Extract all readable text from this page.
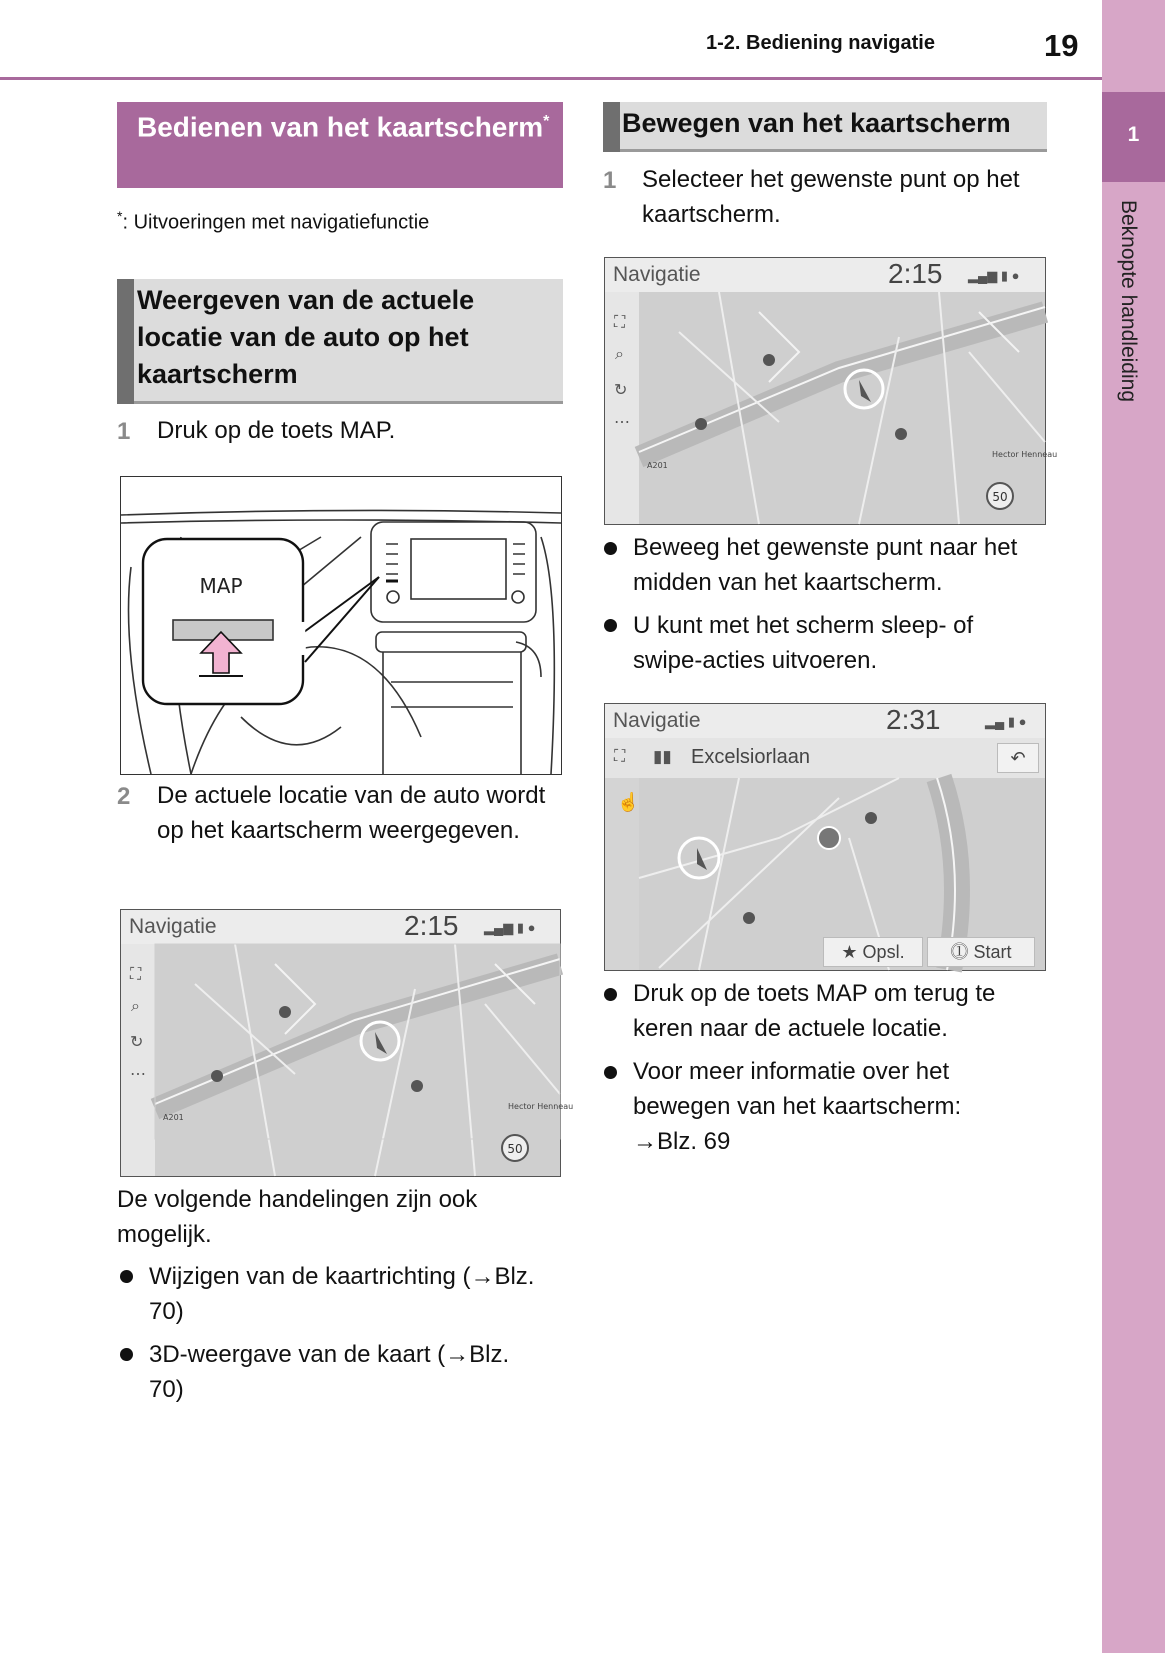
1
Beknopte handleiding
1-2. Bediening navigatie	19
Bedienen van het kaartscherm*
*: Uitvoeringen met navigatiefunctie
Weergeven van de actuele locatie van de auto op het kaartscherm
1 Druk op de toets MAP.
MAP
2 De actuele locatie van de auto wordt op het kaartscherm weergegeven.
Navigatie	2:15 ▂▄▆ ▮ ●
⛶
⌕
↻
⋯
Hector Henneau
A201
50
De volgende handelingen zijn ook mogelijk.
Wijzigen van de kaartrichting (→Blz. 70)
3D-weergave van de kaart (→Blz. 70)
Bewegen van het kaartscherm
1 Selecteer het gewenste punt op het kaartscherm.
Navigatie	2:15 ▂▄▆ ▮ ●
⛶
⌕
↻
⋯
Hector Henneau
A201
50
Beweeg het gewenste punt naar het midden van het kaartscherm.
U kunt met het scherm sleep- of swipe-acties uitvoeren.
Navigatie	2:31	▂▄ ▮ ●
⛶ ▮▮ Excelsiorlaan	↶
☝
★ Opsl.	⓵ Start
Druk op de toets MAP om terug te keren naar de actuele locatie.
Voor meer informatie over het bewegen van het kaartscherm: →Blz. 69
